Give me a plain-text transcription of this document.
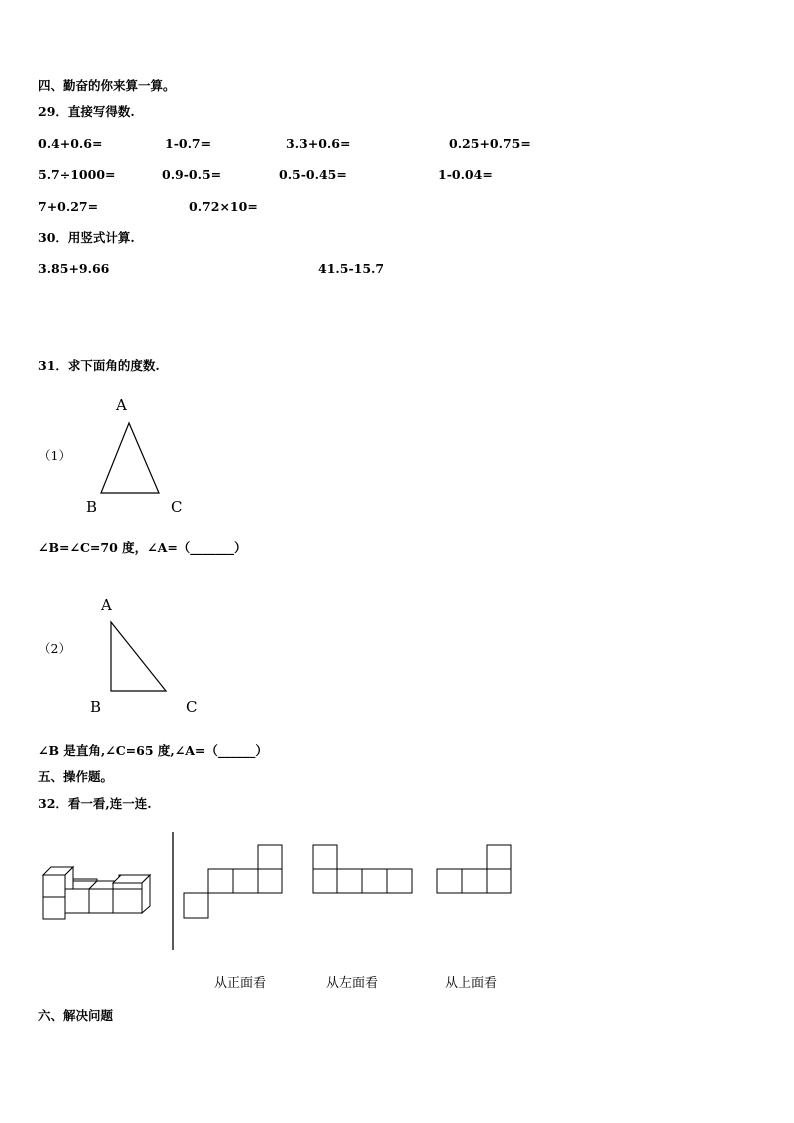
四、勤奋的你来算一算。
29．直接写得数.
0.4+0.6=	1-0.7=	3.3+0.6=	0.25+0.75=
5.7÷1000=	0.9-0.5=	0.5-0.45=	1-0.04=
7+0.27=	0.72×10=
30．用竖式计算.
3.85+9.66	41.5-15.7
31．求下面角的度数.
（1）
A
B	C
∠B=∠C=70 度，∠A=（_______）
（2）
A
B	C
∠B 是直角,∠C=65 度,∠A=（______）
五、操作题。
32．看一看,连一连.
从正面看	从左面看	从上面看
六、解决问题
